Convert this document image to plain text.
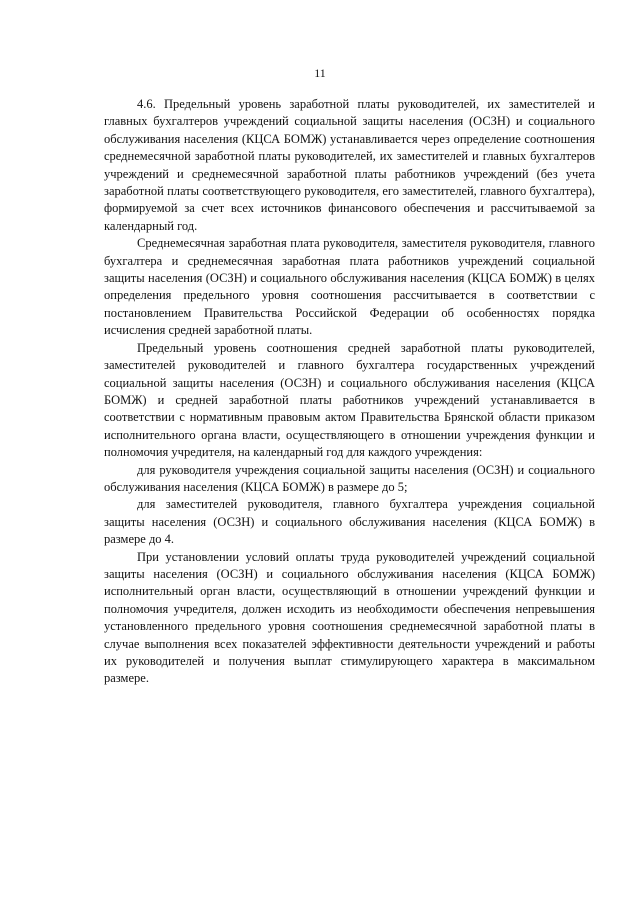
11

4.6. Предельный уровень заработной платы руководителей, их заместителей и главных бухгалтеров учреждений социальной защиты населения (ОСЗН) и социального обслуживания населения (КЦСА БОМЖ) устанавливается через определение соотношения среднемесячной заработной платы руководителей, их заместителей и главных бухгалтеров учреждений и среднемесячной заработной платы работников учреждений (без учета заработной платы соответствующего руководителя, его заместителей, главного бухгалтера), формируемой за счет всех источников финансового обеспечения и рассчитываемой за календарный год.

Среднемесячная заработная плата руководителя, заместителя руководителя, главного бухгалтера и среднемесячная заработная плата работников учреждений социальной защиты населения (ОСЗН) и социального обслуживания населения (КЦСА БОМЖ) в целях определения предельного уровня соотношения рассчитывается в соответствии с постановлением Правительства Российской Федерации об особенностях порядка исчисления средней заработной платы.

Предельный уровень соотношения средней заработной платы руководителей, заместителей руководителей и главного бухгалтера государственных учреждений социальной защиты населения (ОСЗН) и социального обслуживания населения (КЦСА БОМЖ) и средней заработной платы работников учреждений устанавливается в соответствии с нормативным правовым актом Правительства Брянской области приказом исполнительного органа власти, осуществляющего в отношении учреждения функции и полномочия учредителя, на календарный год для каждого учреждения:

для руководителя учреждения социальной защиты населения (ОСЗН) и социального обслуживания населения (КЦСА БОМЖ) в размере до 5;

для заместителей руководителя, главного бухгалтера учреждения социальной защиты населения (ОСЗН) и социального обслуживания населения (КЦСА БОМЖ) в размере до 4.

При установлении условий оплаты труда руководителей учреждений социальной защиты населения (ОСЗН) и социального обслуживания населения (КЦСА БОМЖ) исполнительный орган власти, осуществляющий в отношении учреждений функции и полномочия учредителя, должен исходить из необходимости обеспечения непревышения установленного предельного уровня соотношения среднемесячной заработной платы в случае выполнения всех показателей эффективности деятельности учреждений и работы их руководителей и получения выплат стимулирующего характера в максимальном размере.
